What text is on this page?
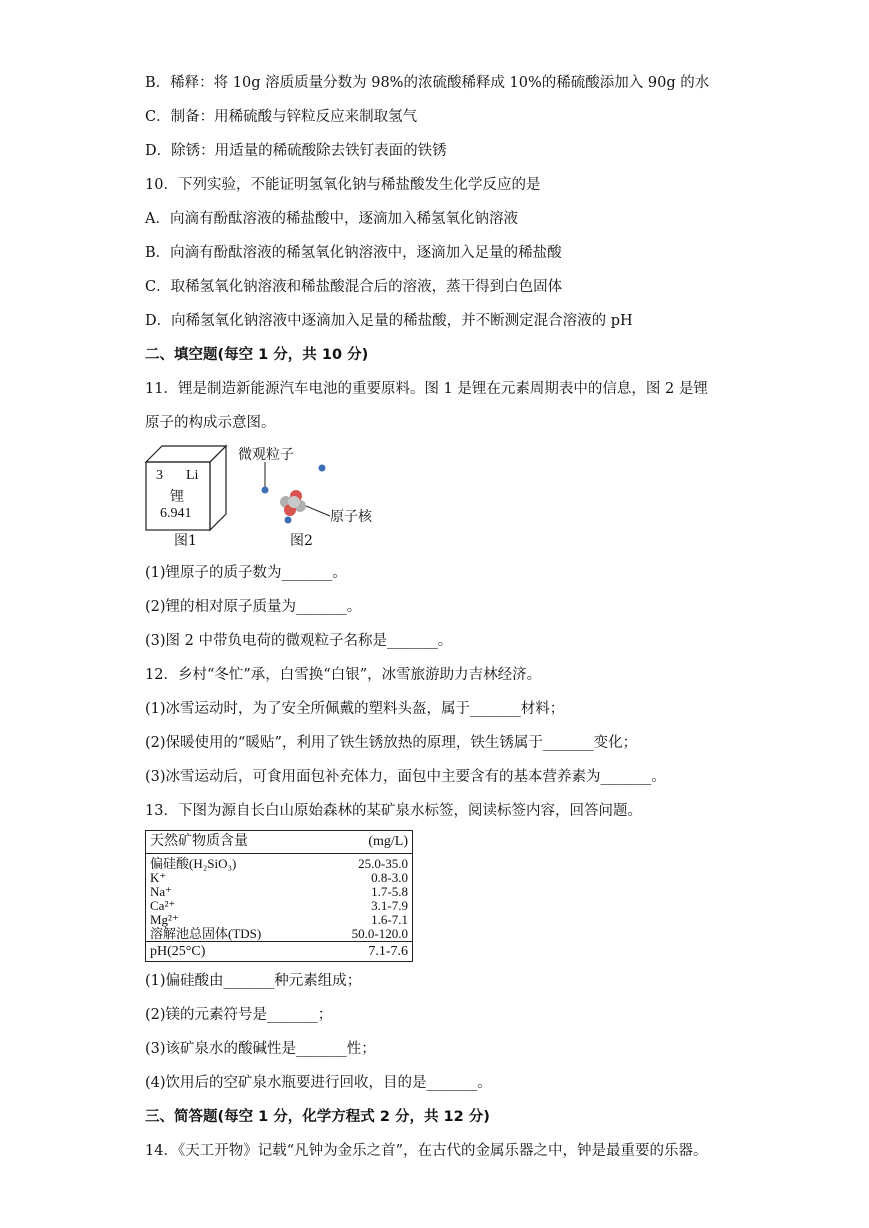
B．稀释：将 10g 溶质质量分数为 98%的浓硫酸稀释成 10%的稀硫酸添加入 90g 的水
C．制备：用稀硫酸与锌粒反应来制取氢气
D．除锈：用适量的稀硫酸除去铁钉表面的铁锈
10．下列实验，不能证明氢氧化钠与稀盐酸发生化学反应的是
A．向滴有酚酞溶液的稀盐酸中，逐滴加入稀氢氧化钠溶液
B．向滴有酚酞溶液的稀氢氧化钠溶液中，逐滴加入足量的稀盐酸
C．取稀氢氧化钠溶液和稀盐酸混合后的溶液，蒸干得到白色固体
D．向稀氢氧化钠溶液中逐滴加入足量的稀盐酸，并不断测定混合溶液的 pH
二、填空题(每空 1 分，共 10 分)
11．锂是制造新能源汽车电池的重要原料。图 1 是锂在元素周期表中的信息，图 2 是锂
原子的构成示意图。
(1)锂原子的质子数为_______。
(2)锂的相对原子质量为_______。
(3)图 2 中带负电荷的微观粒子名称是_______。
12．乡村“冬忙”承，白雪换“白银”，冰雪旅游助力吉林经济。
(1)冰雪运动时，为了安全所佩戴的塑料头盔，属于_______材料；
(2)保暖使用的“暖贴”，利用了铁生锈放热的原理，铁生锈属于_______变化；
(3)冰雪运动后，可食用面包补充体力，面包中主要含有的基本营养素为_______。
13．下图为源自长白山原始森林的某矿泉水标签，阅读标签内容，回答问题。
(1)偏硅酸由_______种元素组成；
(2)镁的元素符号是_______；
(3)该矿泉水的酸碱性是_______性；
(4)饮用后的空矿泉水瓶要进行回收，目的是_______。
三、简答题(每空 1 分，化学方程式 2 分，共 12 分)
14．《天工开物》记载“凡钟为金乐之首”，在古代的金属乐器之中，钟是最重要的乐器。
3 Li
锂
6.941
图1
微观粒子
原子核
图2
天然矿物质含量	(mg/L)
偏硅酸(H₂SiO₃)	25.0-35.0
K⁺	0.8-3.0
Na⁺	1.7-5.8
Ca²⁺	3.1-7.9
Mg²⁺	1.6-7.1
溶解池总固体(TDS)	50.0-120.0
pH(25°C)	7.1-7.6
